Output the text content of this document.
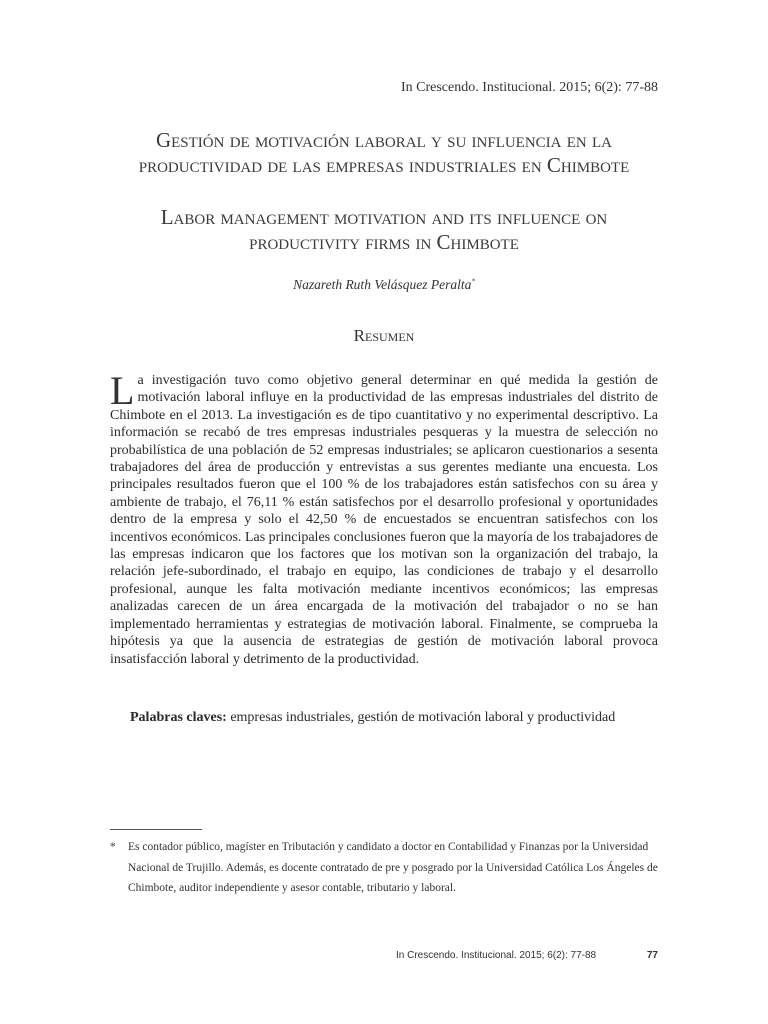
In Crescendo. Institucional. 2015; 6(2): 77-88
Gestión de motivación laboral y su influencia en la
productividad de las empresas industriales en Chimbote
Labor management motivation and its influence on
productivity firms in Chimbote
Nazareth Ruth Velásquez Peralta*
Resumen

La investigación tuvo como objetivo general determinar en qué medida la gestión de motivación laboral influye en la productividad de las empresas industriales del distrito de Chimbote en el 2013. La investigación es de tipo cuantitativo y no experimental descriptivo. La información se recabó de tres empresas industriales pesqueras y la muestra de selección no probabilística de una población de 52 empresas industriales; se aplicaron cuestionarios a sesenta trabajadores del área de producción y entrevistas a sus gerentes mediante una encuesta. Los principales resultados fueron que el 100 % de los trabajadores están satisfechos con su área y ambiente de trabajo, el 76,11 % están satisfechos por el desarrollo profesional y oportunidades dentro de la empresa y solo el 42,50 % de encuestados se encuentran satisfechos con los incentivos económicos. Las principales conclusiones fueron que la mayoría de los trabajadores de las empresas indicaron que los factores que los motivan son la organización del trabajo, la relación jefe-subordinado, el trabajo en equipo, las condiciones de trabajo y el desarrollo profesional, aunque les falta motivación mediante incentivos económicos; las empresas analizadas carecen de un área encargada de la motivación del trabajador o no se han implementado herramientas y estrategias de motivación laboral. Finalmente, se comprueba la hipótesis ya que la ausencia de estrategias de gestión de motivación laboral provoca insatisfacción laboral y detrimento de la productividad.

Palabras claves: empresas industriales, gestión de motivación laboral y productividad
* Es contador público, magíster en Tributación y candidato a doctor en Contabilidad y Finanzas por la Universidad Nacional de Trujillo. Además, es docente contratado de pre y posgrado por la Universidad Católica Los Ángeles de Chimbote, auditor independiente y asesor contable, tributario y laboral.
In Crescendo. Institucional. 2015; 6(2): 77-88	77
